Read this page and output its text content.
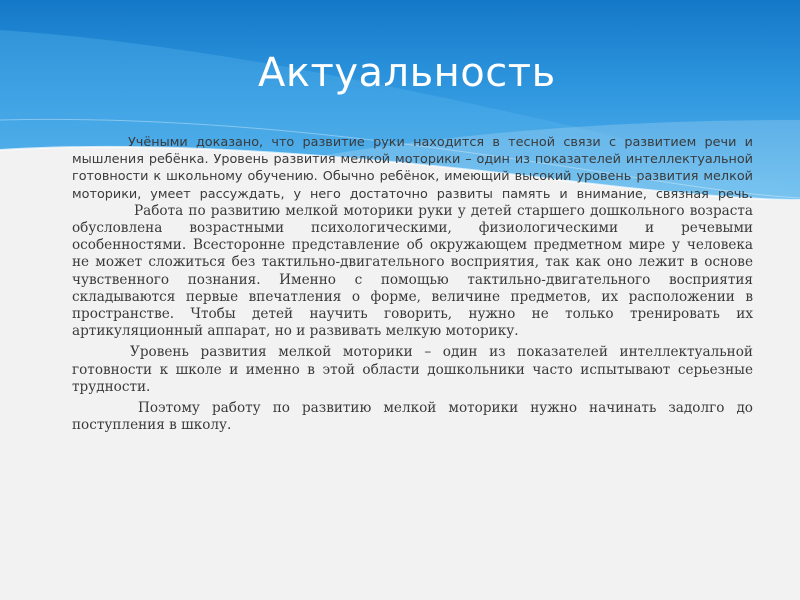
Актуальность

Учёными доказано, что развитие руки находится в тесной связи с развитием речи и мышления ребёнка. Уровень развития мелкой моторики – один из показателей интеллектуальной готовности к школьному обучению. Обычно ребёнок, имеющий высокий уровень развития мелкой моторики, умеет рассуждать, у него достаточно развиты память и внимание, связная речь. Работа по развитию мелкой моторики руки у детей старшего дошкольного возраста обусловлена возрастными психологическими, физиологическими и речевыми особенностями. Всесторонне представление об окружающем предметном мире у человека не может сложиться без тактильно-двигательного восприятия, так как оно лежит в основе чувственного познания. Именно с помощью тактильно-двигательного восприятия складываются первые впечатления о форме, величине предметов, их расположении в пространстве. Чтобы детей научить говорить, нужно не только тренировать их артикуляционный аппарат, но и развивать мелкую моторику.

Уровень развития мелкой моторики – один из показателей интеллектуальной готовности к школе и именно в этой области дошкольники часто испытывают серьезные трудности.

Поэтому работу по развитию мелкой моторики нужно начинать задолго до поступления в школу.
